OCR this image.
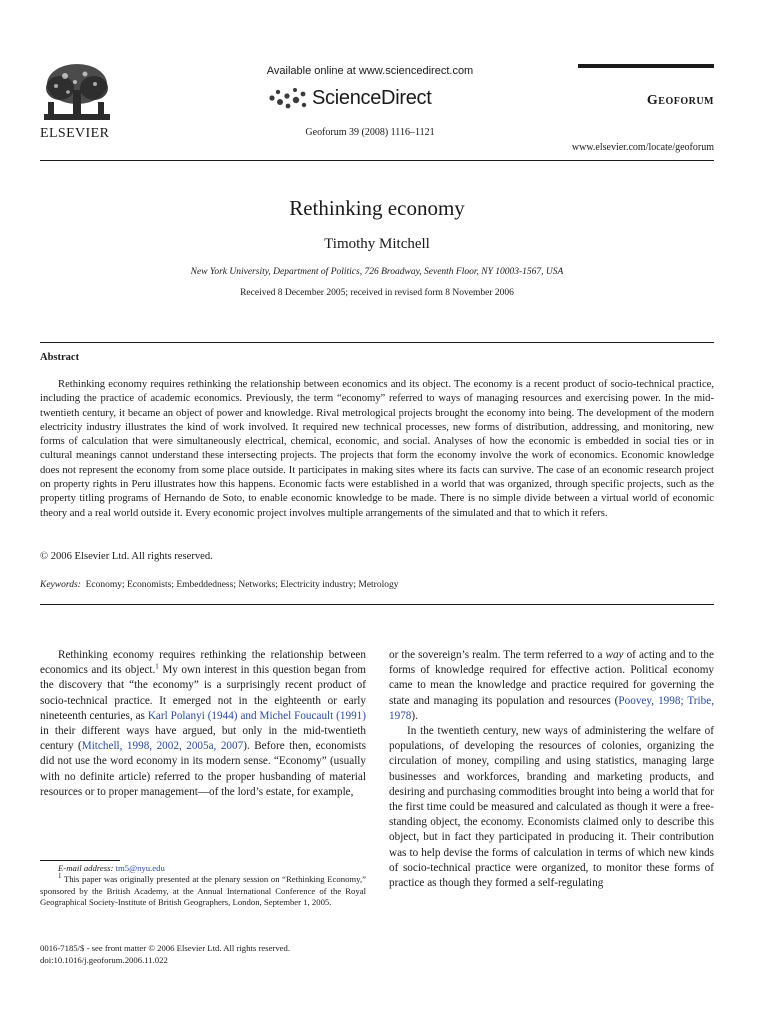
ELSEVIER
Available online at www.sciencedirect.com
ScienceDirect
Geoforum 39 (2008) 1116–1121
Geoforum
www.elsevier.com/locate/geoforum
Rethinking economy
Timothy Mitchell
New York University, Department of Politics, 726 Broadway, Seventh Floor, NY 10003-1567, USA
Received 8 December 2005; received in revised form 8 November 2006
Abstract

Rethinking economy requires rethinking the relationship between economics and its object. The economy is a recent product of socio-technical practice, including the practice of academic economics. Previously, the term “economy” referred to ways of managing resources and exercising power. In the mid-twentieth century, it became an object of power and knowledge. Rival metrological projects brought the economy into being. The development of the modern electricity industry illustrates the kind of work involved. It required new technical processes, new forms of distribution, addressing, and monitoring, new forms of calculation that were simultaneously electrical, chemical, economic, and social. Analyses of how the economic is embedded in social ties or in cultural meanings cannot understand these intersecting projects. The projects that form the economy involve the work of economics. Economic knowledge does not represent the economy from some place outside. It participates in making sites where its facts can survive. The case of an economic research project on property rights in Peru illustrates how this happens. Economic facts were established in a world that was organized, through specific projects, such as the property titling programs of Hernando de Soto, to enable economic knowledge to be made. There is no simple divide between a virtual world of economic theory and a real world outside it. Every economic project involves multiple arrangements of the simulated and that to which it refers.

© 2006 Elsevier Ltd. All rights reserved.
Keywords: Economy; Economists; Embeddedness; Networks; Electricity industry; Metrology

Rethinking economy requires rethinking the relationship between economics and its object.$^1$ My own interest in this question began from the discovery that “the economy” is a surprisingly recent product of socio-technical practice. It emerged not in the eighteenth or early nineteenth centuries, as Karl Polanyi (1944) and Michel Foucault (1991) in their different ways have argued, but only in the mid-twentieth century (Mitchell, 1998, 2002, 2005a, 2007). Before then, economists did not use the word economy in its modern sense. “Economy” (usually with no definite article) referred to the proper husbanding of material resources or to proper management—of the lord’s estate, for example,

or the sovereign’s realm. The term referred to a way of acting and to the forms of knowledge required for effective action. Political economy came to mean the knowledge and practice required for governing the state and managing its population and resources (Poovey, 1998; Tribe, 1978).

In the twentieth century, new ways of administering the welfare of populations, of developing the resources of colonies, organizing the circulation of money, compiling and using statistics, managing large businesses and workforces, branding and marketing products, and desiring and purchasing commodities brought into being a world that for the first time could be measured and calculated as though it were a free-standing object, the economy. Economists claimed only to describe this object, but in fact they participated in producing it. Their contribution was to help devise the forms of calculation in terms of which new kinds of socio-technical practice were organized, to monitor these forms of practice as though they formed a self-regulating

E-mail address: tm5@nyu.edu
$^1$ This paper was originally presented at the plenary session on “Rethinking Economy,” sponsored by the British Academy, at the Annual International Conference of the Royal Geographical Society-Institute of British Geographers, London, September 1, 2005.
0016-7185/$ - see front matter © 2006 Elsevier Ltd. All rights reserved.
doi:10.1016/j.geoforum.2006.11.022
